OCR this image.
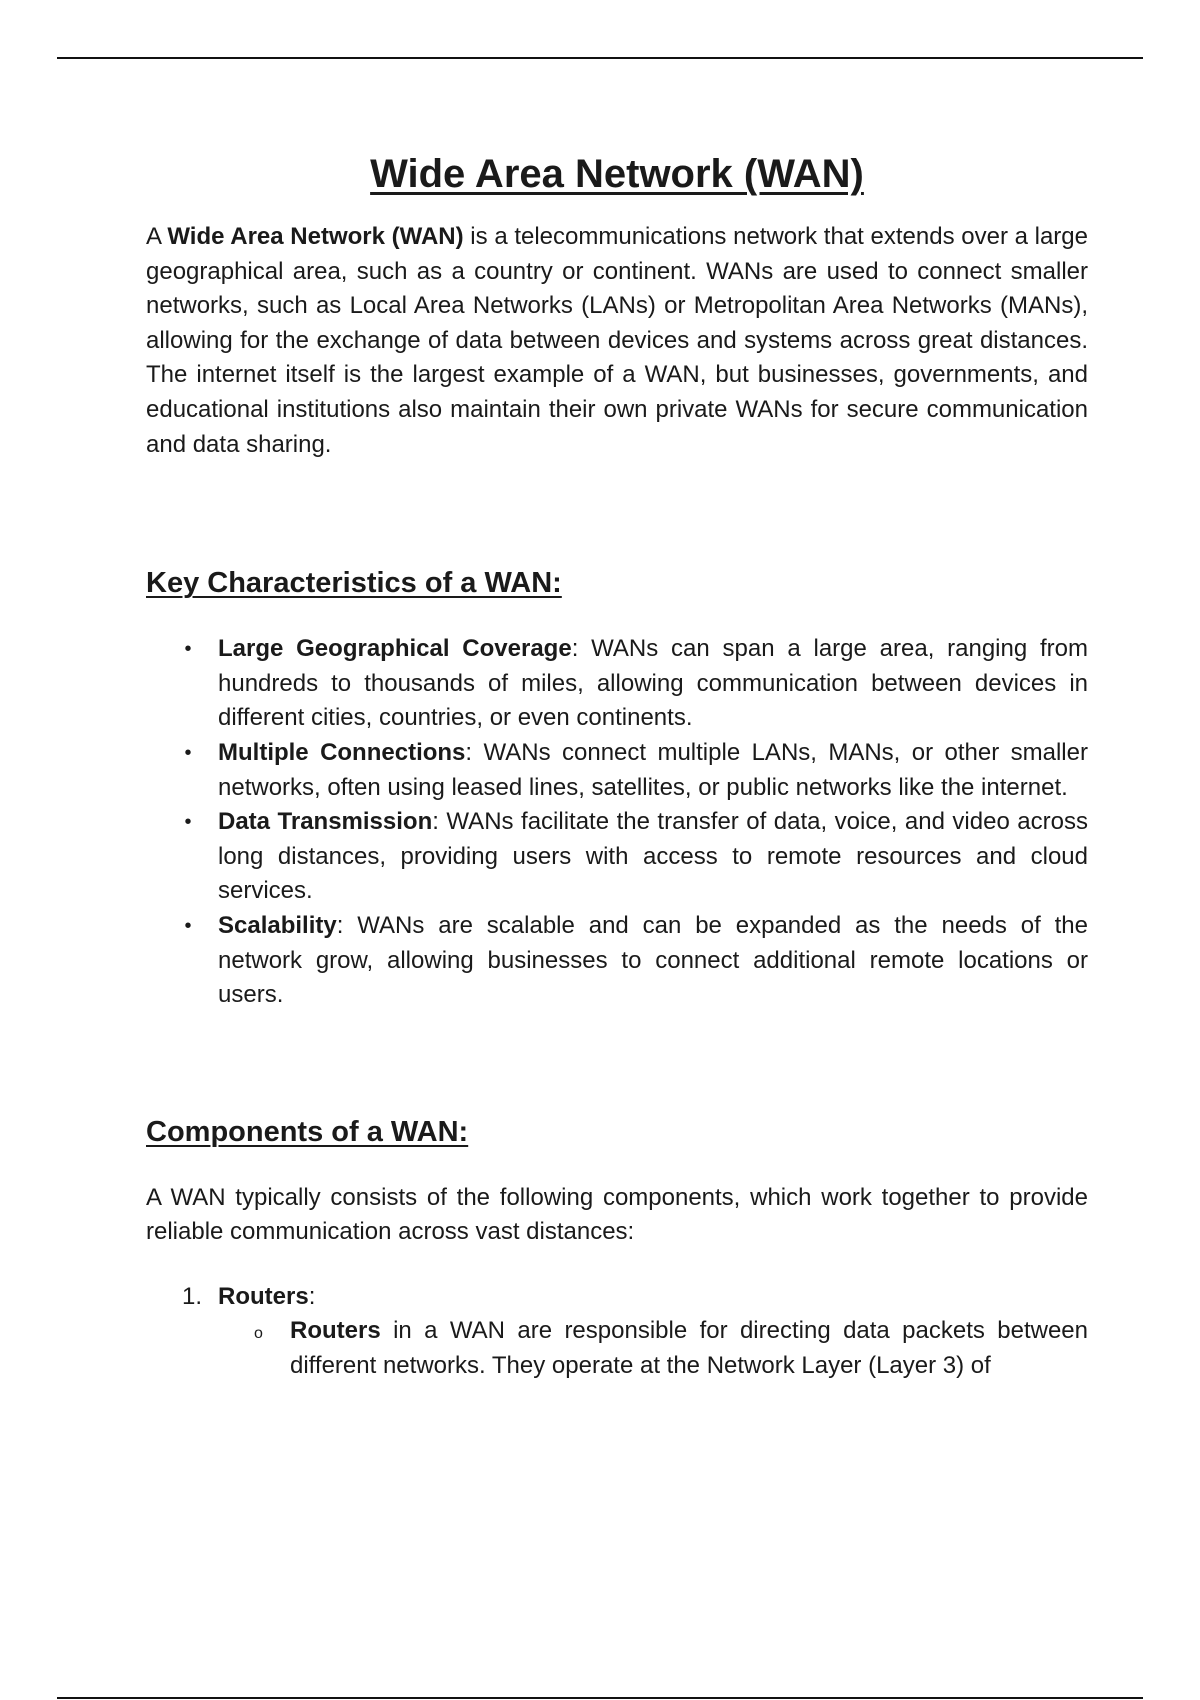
Wide Area Network (WAN)

A Wide Area Network (WAN) is a telecommunications network that extends over a large geographical area, such as a country or continent. WANs are used to connect smaller networks, such as Local Area Networks (LANs) or Metropolitan Area Networks (MANs), allowing for the exchange of data between devices and systems across great distances. The internet itself is the largest example of a WAN, but businesses, governments, and educational institutions also maintain their own private WANs for secure communication and data sharing.

Key Characteristics of a WAN:
• Large Geographical Coverage: WANs can span a large area, ranging from hundreds to thousands of miles, allowing communication between devices in different cities, countries, or even continents.
• Multiple Connections: WANs connect multiple LANs, MANs, or other smaller networks, often using leased lines, satellites, or public networks like the internet.
• Data Transmission: WANs facilitate the transfer of data, voice, and video across long distances, providing users with access to remote resources and cloud services.
• Scalability: WANs are scalable and can be expanded as the needs of the network grow, allowing businesses to connect additional remote locations or users.
Components of a WAN:

A WAN typically consists of the following components, which work together to provide reliable communication across vast distances:

1. Routers:
o Routers in a WAN are responsible for directing data packets between different networks. They operate at the Network Layer (Layer 3) of
